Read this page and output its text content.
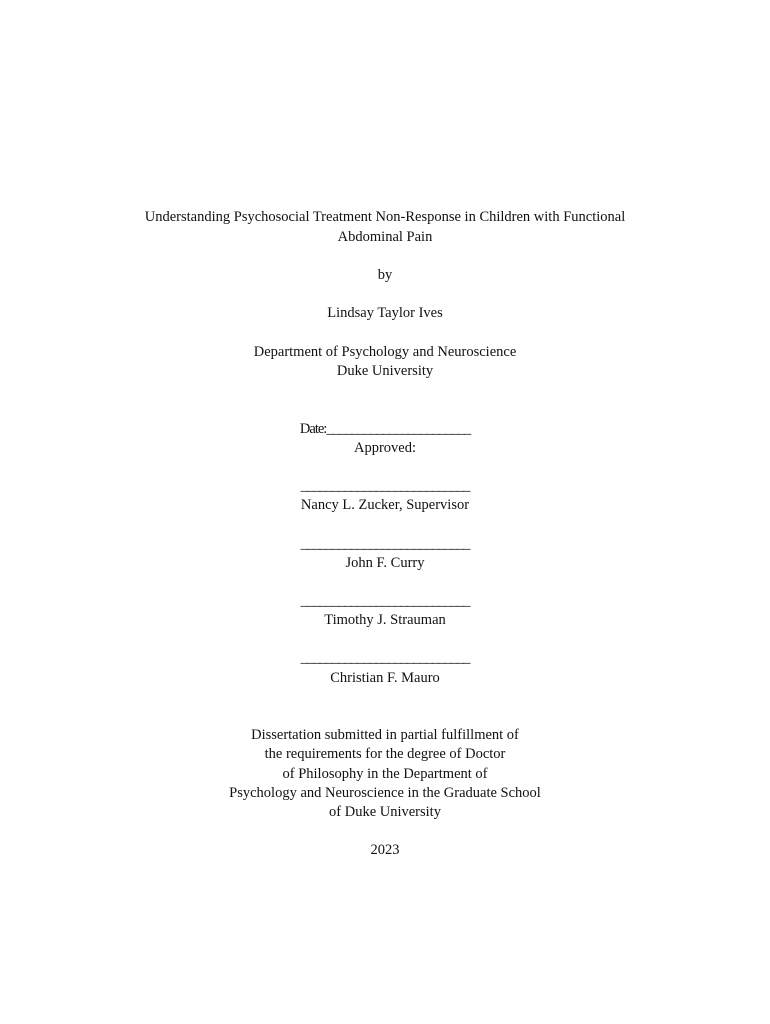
Understanding Psychosocial Treatment Non-Response in Children with Functional
Abdominal Pain
by
Lindsay Taylor Ives
Department of Psychology and Neuroscience
Duke University
Date:_______________________
Approved:
___________________________
Nancy L. Zucker, Supervisor
___________________________
John F. Curry
___________________________
Timothy J. Strauman
___________________________
Christian F. Mauro
Dissertation submitted in partial fulfillment of
the requirements for the degree of Doctor
of Philosophy in the Department of
Psychology and Neuroscience in the Graduate School
of Duke University
2023
